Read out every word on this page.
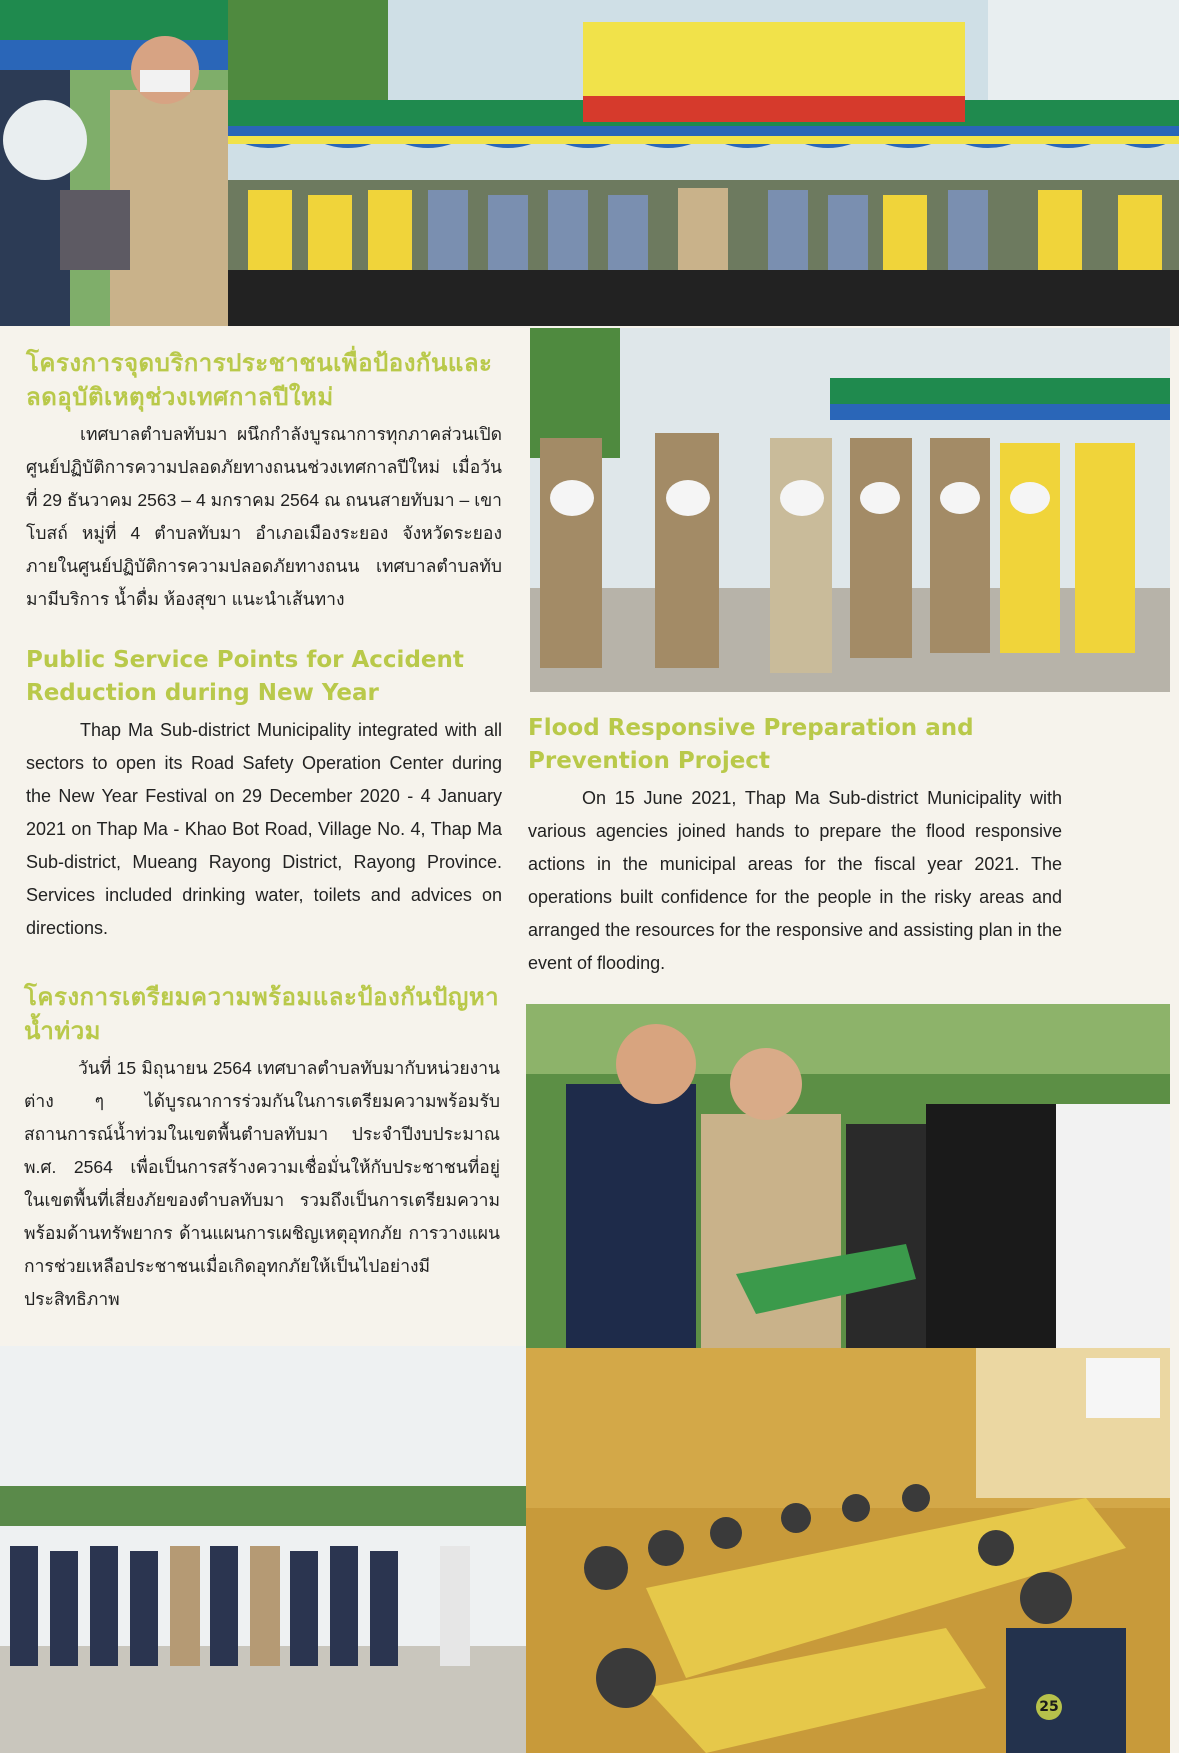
โครงการจุดบริการประชาชนเพื่อป้องกันและลดอุบัติเหตุช่วงเทศกาลปีใหม่

เทศบาลตำบลทับมา ผนึกกำลังบูรณาการทุกภาคส่วนเปิดศูนย์ปฏิบัติการความปลอดภัยทางถนนช่วงเทศกาลปีใหม่ เมื่อวันที่ 29 ธันวาคม 2563 – 4 มกราคม 2564 ณ ถนนสายทับมา – เขาโบสถ์ หมู่ที่ 4 ตำบลทับมา อำเภอเมืองระยอง จังหวัดระยอง ภายในศูนย์ปฏิบัติการความปลอดภัยทางถนน เทศบาลตำบลทับมามีบริการ น้ำดื่ม ห้องสุขา แนะนำเส้นทาง

Public Service Points for Accident Reduction during New Year

Thap Ma Sub-district Municipality integrated with all sectors to open its Road Safety Operation Center during the New Year Festival on 29 December 2020 - 4 January 2021 on Thap Ma - Khao Bot Road, Village No. 4, Thap Ma Sub-district, Mueang Rayong District, Rayong Province. Services included drinking water, toilets and advices on directions.

Flood Responsive Preparation and Prevention Project

On 15 June 2021, Thap Ma Sub-district Municipality with various agencies joined hands to prepare the flood responsive actions in the municipal areas for the fiscal year 2021. The operations built confidence for the people in the risky areas and arranged the resources for the responsive and assisting plan in the event of flooding.

โครงการเตรียมความพร้อมและป้องกันปัญหาน้ำท่วม

วันที่ 15 มิถุนายน 2564 เทศบาลตำบลทับมากับหน่วยงานต่าง ๆ ได้บูรณาการร่วมกันในการเตรียมความพร้อมรับสถานการณ์น้ำท่วมในเขตพื้นตำบลทับมา ประจำปีงบประมาณ พ.ศ. 2564 เพื่อเป็นการสร้างความเชื่อมั่นให้กับประชาชนที่อยู่ ในเขตพื้นที่เสี่ยงภัยของตำบลทับมา รวมถึงเป็นการเตรียมความพร้อมด้านทรัพยากร ด้านแผนการเผชิญเหตุอุทกภัย การวางแผนการช่วยเหลือประชาชนเมื่อเกิดอุทกภัยให้เป็นไปอย่างมีประสิทธิภาพ

25
